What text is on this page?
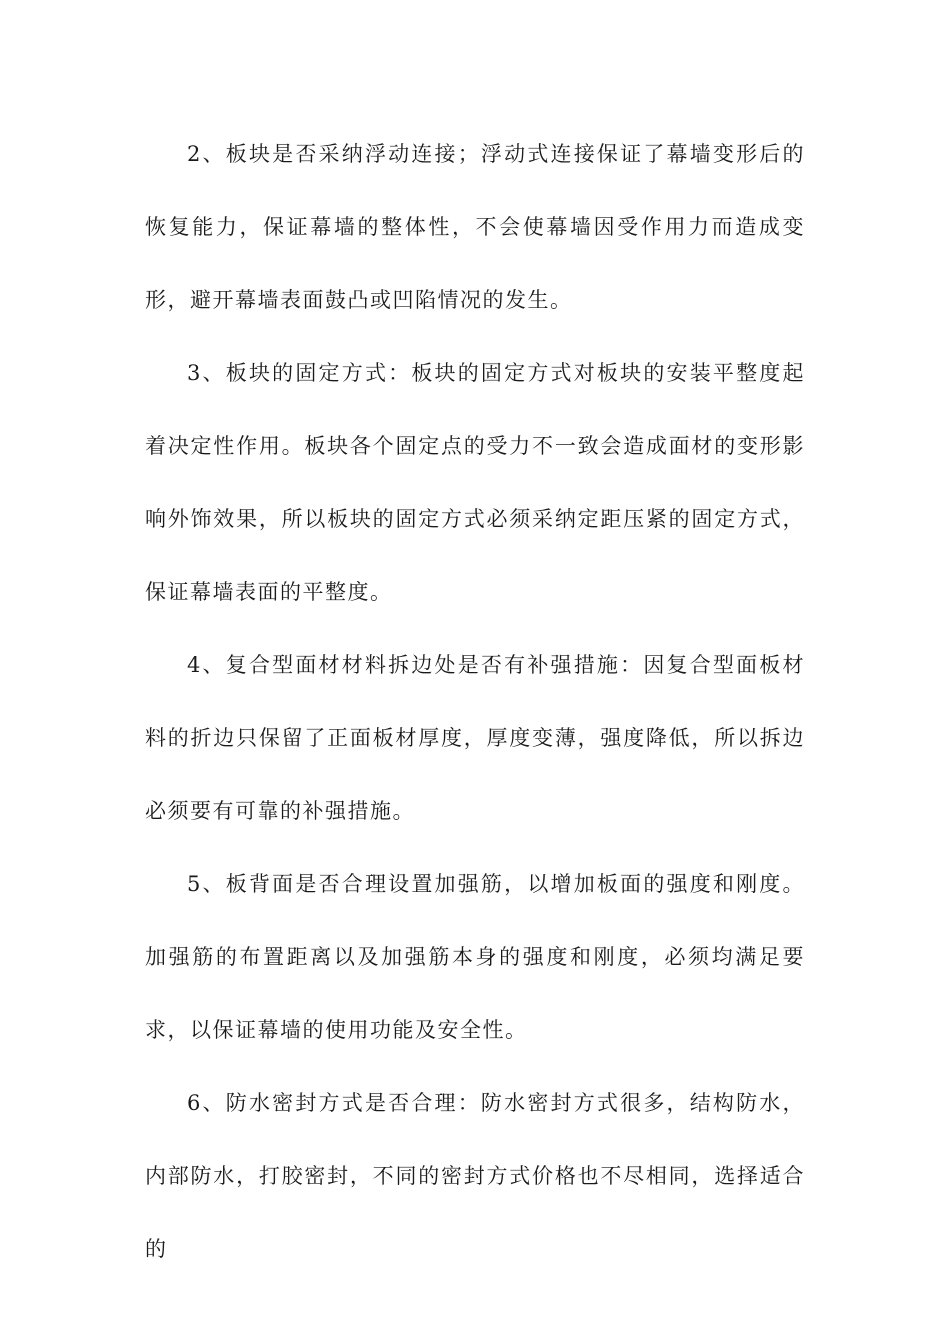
2、板块是否采纳浮动连接；浮动式连接保证了幕墙变形后的恢复能力，保证幕墙的整体性，不会使幕墙因受作用力而造成变形，避开幕墙表面鼓凸或凹陷情况的发生。

3、板块的固定方式：板块的固定方式对板块的安装平整度起着决定性作用。板块各个固定点的受力不一致会造成面材的变形影响外饰效果，所以板块的固定方式必须采纳定距压紧的固定方式，保证幕墙表面的平整度。

4、复合型面材材料拆边处是否有补强措施：因复合型面板材料的折边只保留了正面板材厚度，厚度变薄，强度降低，所以拆边必须要有可靠的补强措施。

5、板背面是否合理设置加强筋，以增加板面的强度和刚度。加强筋的布置距离以及加强筋本身的强度和刚度，必须均满足要求，以保证幕墙的使用功能及安全性。

6、防水密封方式是否合理：防水密封方式很多，结构防水，内部防水，打胶密封，不同的密封方式价格也不尽相同，选择适合的
